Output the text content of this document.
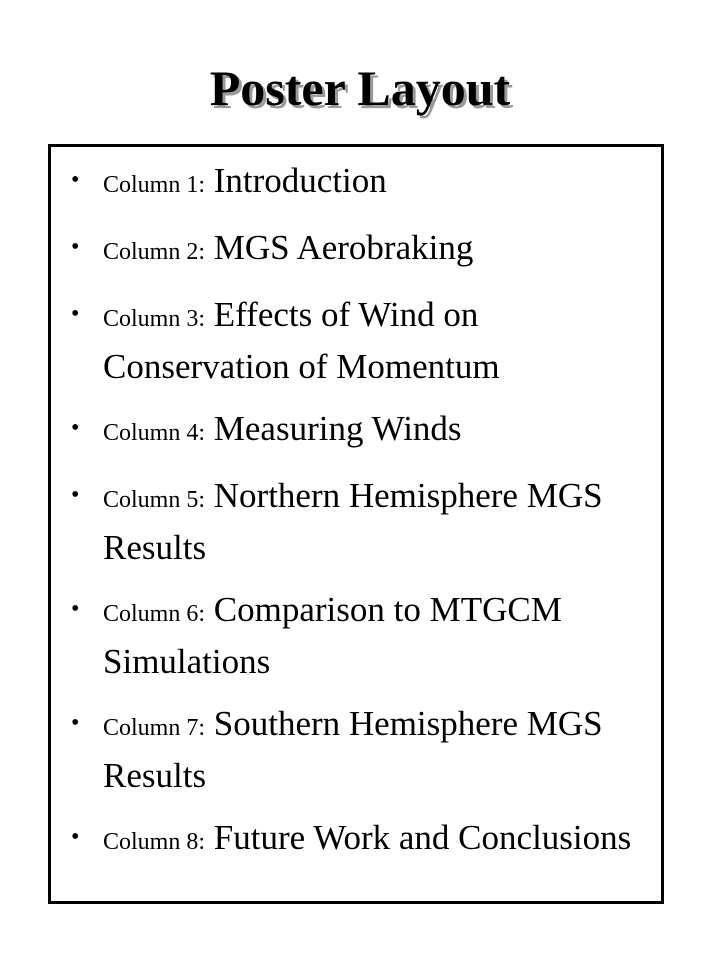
Poster Layout
• Column 1: Introduction
• Column 2: MGS Aerobraking
• Column 3: Effects of Wind on Conservation of Momentum
• Column 4: Measuring Winds
• Column 5: Northern Hemisphere MGS Results
• Column 6: Comparison to MTGCM Simulations
• Column 7: Southern Hemisphere MGS Results
• Column 8: Future Work and Conclusions
